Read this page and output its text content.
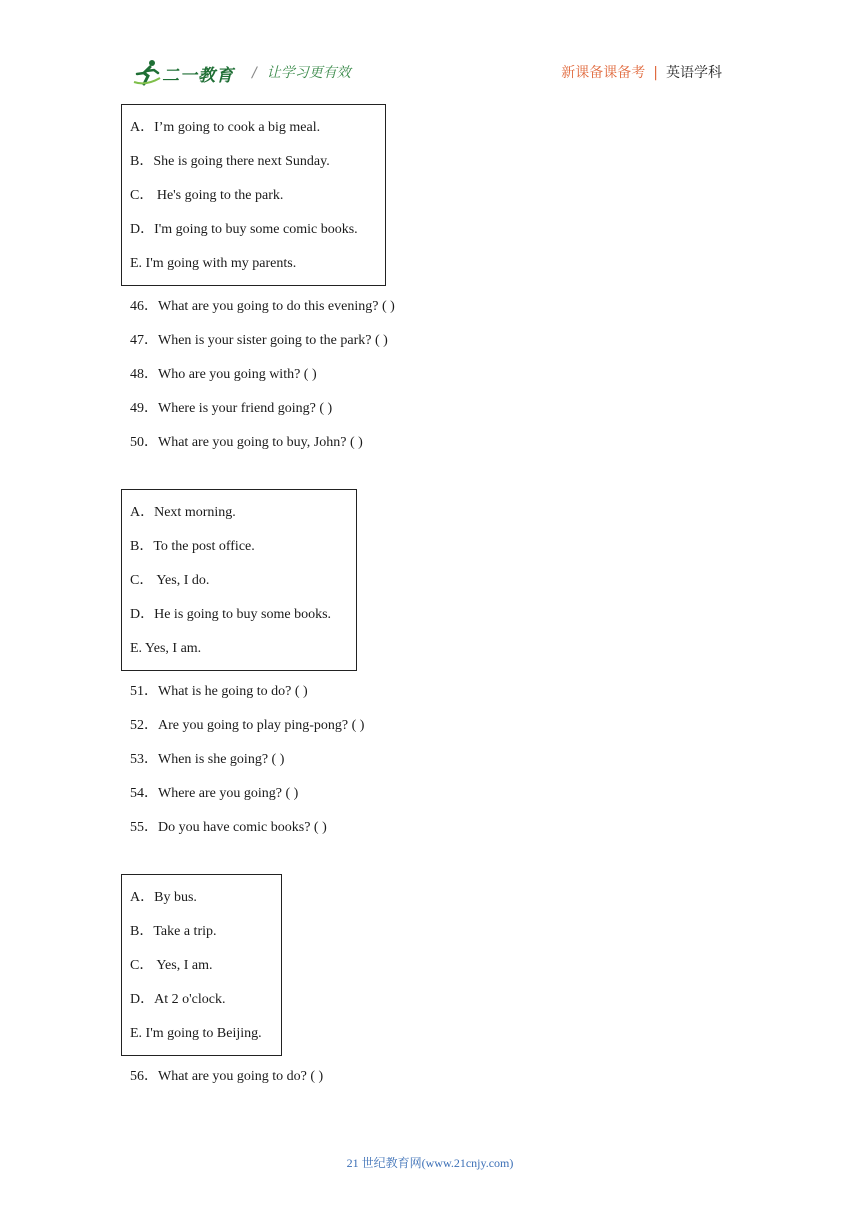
二一教育 / 让学习更有效	新课备课备考 | 英语学科
A．I’m going to cook a big meal.
B．She is going there next Sunday.
C． He's going to the park.
D．I'm going to buy some comic books.
E. I'm going with my parents.
46．What are you going to do this evening? ( )
47．When is your sister going to the park? ( )
48．Who are you going with? ( )
49．Where is your friend going? ( )
50．What are you going to buy, John? ( )
A．Next morning.
B．To the post office.
C． Yes, I do.
D．He is going to buy some books.
E. Yes, I am.
51．What is he going to do? ( )
52．Are you going to play ping-pong? ( )
53．When is she going? ( )
54．Where are you going? ( )
55．Do you have comic books? ( )
A．By bus.
B．Take a trip.
C． Yes, I am.
D．At 2 o'clock.
E. I'm going to Beijing.
56．What are you going to do? ( )
21 世纪教育网(www.21cnjy.com)
